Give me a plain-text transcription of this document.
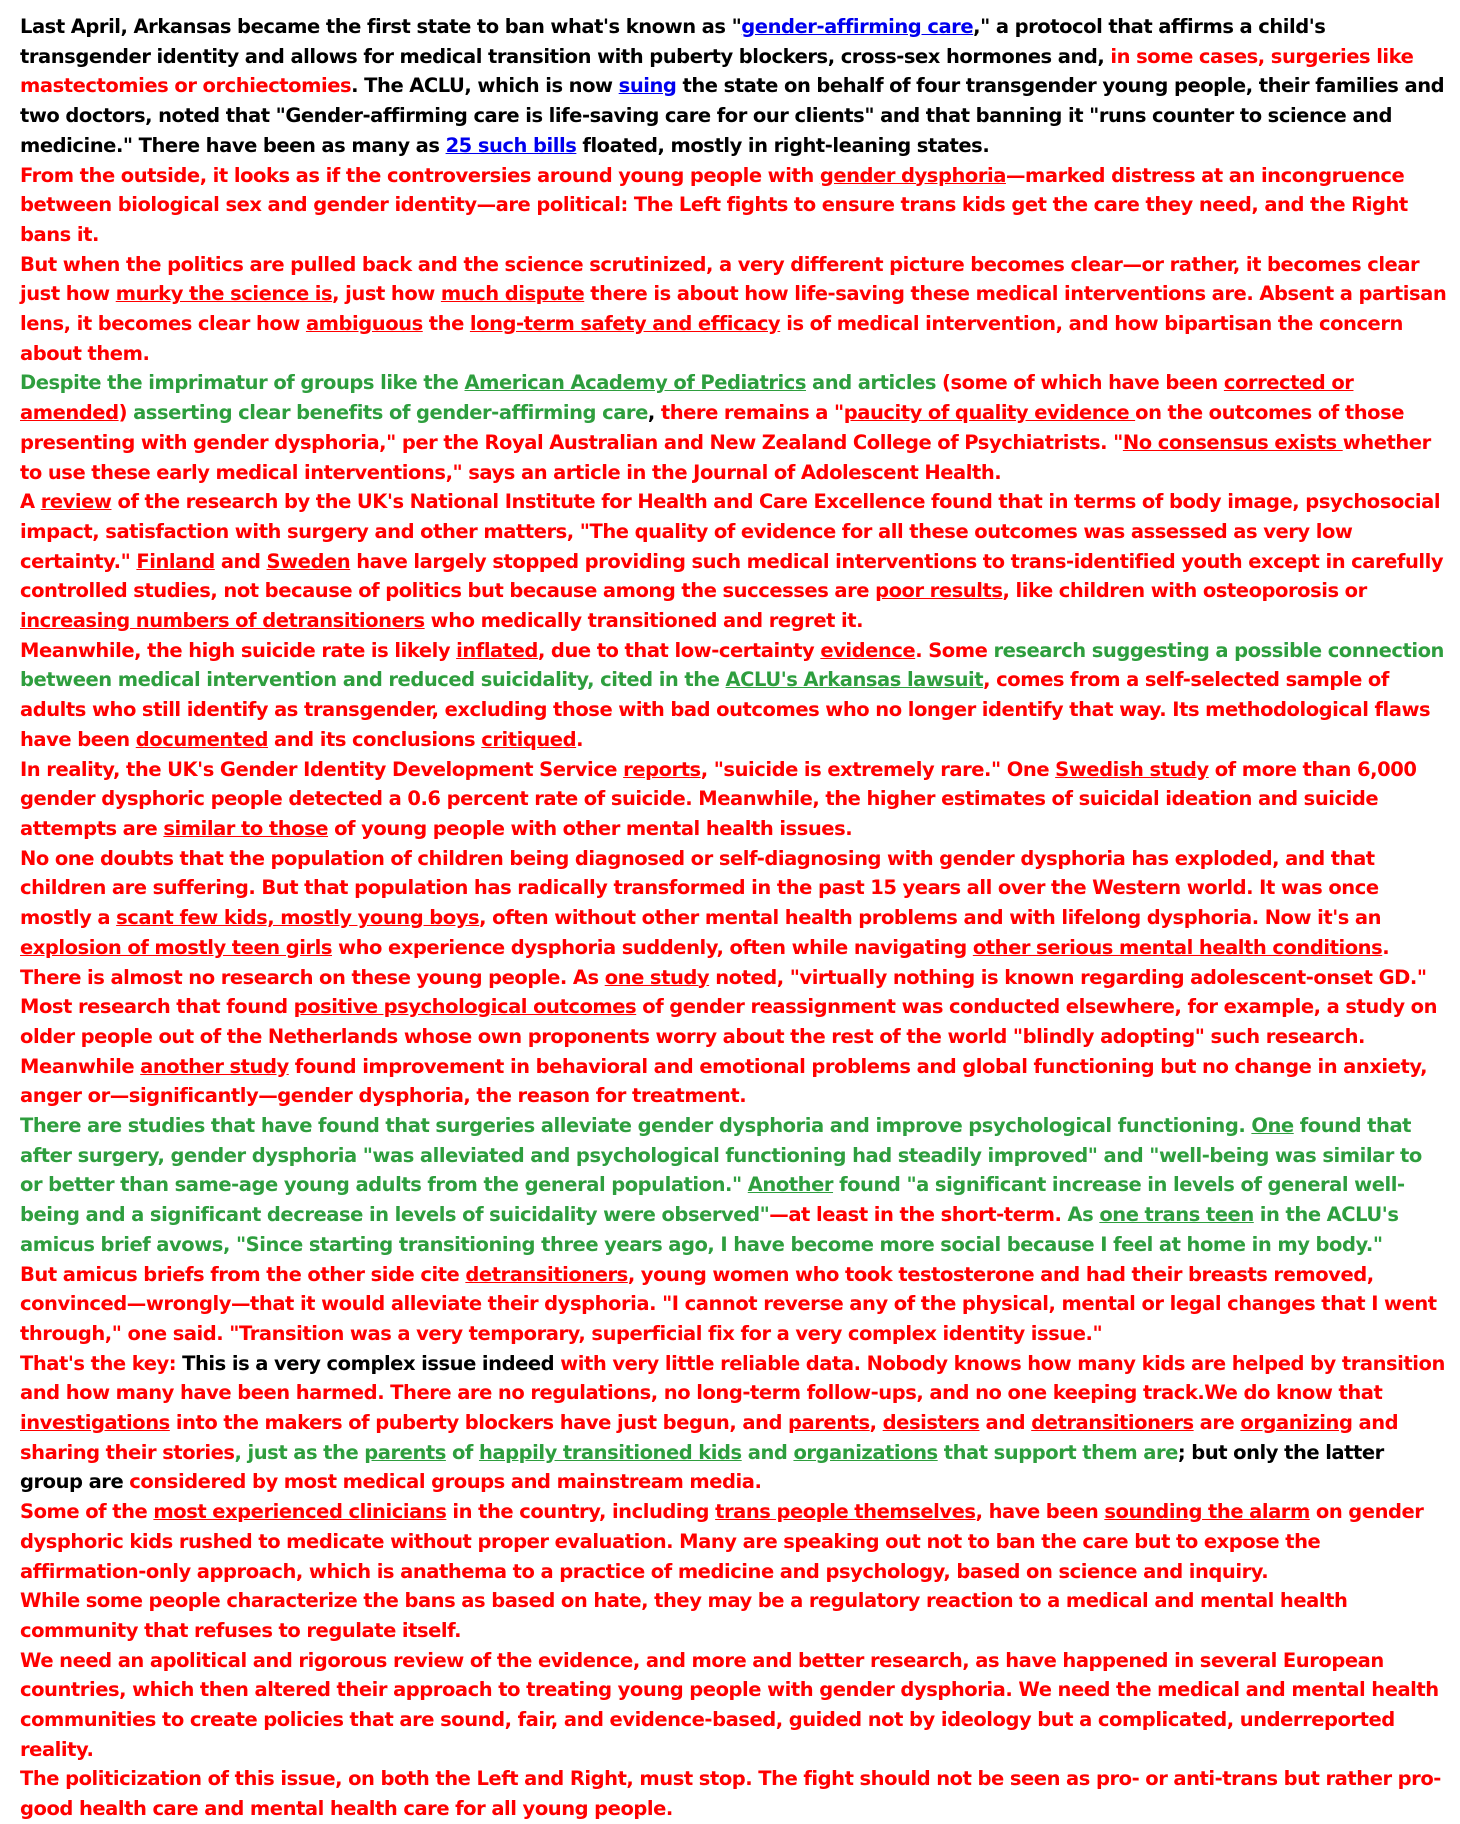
Last April, Arkansas became the first state to ban what's known as "gender-affirming care," a protocol that affirms a child's transgender identity and allows for medical transition with puberty blockers, cross-sex hormones and, in some cases, surgeries like mastectomies or orchiectomies. The ACLU, which is now suing the state on behalf of four transgender young people, their families and two doctors, noted that "Gender-affirming care is life-saving care for our clients" and that banning it "runs counter to science and medicine." There have been as many as 25 such bills floated, mostly in right-leaning states.

From the outside, it looks as if the controversies around young people with gender dysphoria—marked distress at an incongruence between biological sex and gender identity—are political: The Left fights to ensure trans kids get the care they need, and the Right bans it.

But when the politics are pulled back and the science scrutinized, a very different picture becomes clear—or rather, it becomes clear just how murky the science is, just how much dispute there is about how life-saving these medical interventions are. Absent a partisan lens, it becomes clear how ambiguous the long-term safety and efficacy is of medical intervention, and how bipartisan the concern about them.

Despite the imprimatur of groups like the American Academy of Pediatrics and articles (some of which have been corrected or amended) asserting clear benefits of gender-affirming care, there remains a "paucity of quality evidence on the outcomes of those presenting with gender dysphoria," per the Royal Australian and New Zealand College of Psychiatrists. "No consensus exists whether to use these early medical interventions," says an article in the Journal of Adolescent Health.

A review of the research by the UK's National Institute for Health and Care Excellence found that in terms of body image, psychosocial impact, satisfaction with surgery and other matters, "The quality of evidence for all these outcomes was assessed as very low certainty." Finland and Sweden have largely stopped providing such medical interventions to trans-identified youth except in carefully controlled studies, not because of politics but because among the successes are poor results, like children with osteoporosis or increasing numbers of detransitioners who medically transitioned and regret it.

Meanwhile, the high suicide rate is likely inflated, due to that low-certainty evidence. Some research suggesting a possible connection between medical intervention and reduced suicidality, cited in the ACLU's Arkansas lawsuit, comes from a self-selected sample of adults who still identify as transgender, excluding those with bad outcomes who no longer identify that way. Its methodological flaws have been documented and its conclusions critiqued.

In reality, the UK's Gender Identity Development Service reports, "suicide is extremely rare." One Swedish study of more than 6,000 gender dysphoric people detected a 0.6 percent rate of suicide. Meanwhile, the higher estimates of suicidal ideation and suicide attempts are similar to those of young people with other mental health issues.

No one doubts that the population of children being diagnosed or self-diagnosing with gender dysphoria has exploded, and that children are suffering. But that population has radically transformed in the past 15 years all over the Western world. It was once mostly a scant few kids, mostly young boys, often without other mental health problems and with lifelong dysphoria. Now it's an explosion of mostly teen girls who experience dysphoria suddenly, often while navigating other serious mental health conditions.

There is almost no research on these young people. As one study noted, "virtually nothing is known regarding adolescent-onset GD." Most research that found positive psychological outcomes of gender reassignment was conducted elsewhere, for example, a study on older people out of the Netherlands whose own proponents worry about the rest of the world "blindly adopting" such research.

Meanwhile another study found improvement in behavioral and emotional problems and global functioning but no change in anxiety, anger or—significantly—gender dysphoria, the reason for treatment.

There are studies that have found that surgeries alleviate gender dysphoria and improve psychological functioning. One found that after surgery, gender dysphoria "was alleviated and psychological functioning had steadily improved" and "well-being was similar to or better than same-age young adults from the general population." Another found "a significant increase in levels of general well-being and a significant decrease in levels of suicidality were observed"—at least in the short-term. As one trans teen in the ACLU's amicus brief avows, "Since starting transitioning three years ago, I have become more social because I feel at home in my body."

But amicus briefs from the other side cite detransitioners, young women who took testosterone and had their breasts removed, convinced—wrongly—that it would alleviate their dysphoria. "I cannot reverse any of the physical, mental or legal changes that I went through," one said. "Transition was a very temporary, superficial fix for a very complex identity issue."

That's the key: This is a very complex issue indeed with very little reliable data. Nobody knows how many kids are helped by transition and how many have been harmed. There are no regulations, no long-term follow-ups, and no one keeping track.We do know that investigations into the makers of puberty blockers have just begun, and parents, desisters and detransitioners are organizing and sharing their stories, just as the parents of happily transitioned kids and organizations that support them are; but only the latter group are considered by most medical groups and mainstream media.

Some of the most experienced clinicians in the country, including trans people themselves, have been sounding the alarm on gender dysphoric kids rushed to medicate without proper evaluation. Many are speaking out not to ban the care but to expose the affirmation-only approach, which is anathema to a practice of medicine and psychology, based on science and inquiry.

While some people characterize the bans as based on hate, they may be a regulatory reaction to a medical and mental health community that refuses to regulate itself.

We need an apolitical and rigorous review of the evidence, and more and better research, as have happened in several European countries, which then altered their approach to treating young people with gender dysphoria. We need the medical and mental health communities to create policies that are sound, fair, and evidence-based, guided not by ideology but a complicated, underreported reality.

The politicization of this issue, on both the Left and Right, must stop. The fight should not be seen as pro- or anti-trans but rather pro-good health care and mental health care for all young people.
